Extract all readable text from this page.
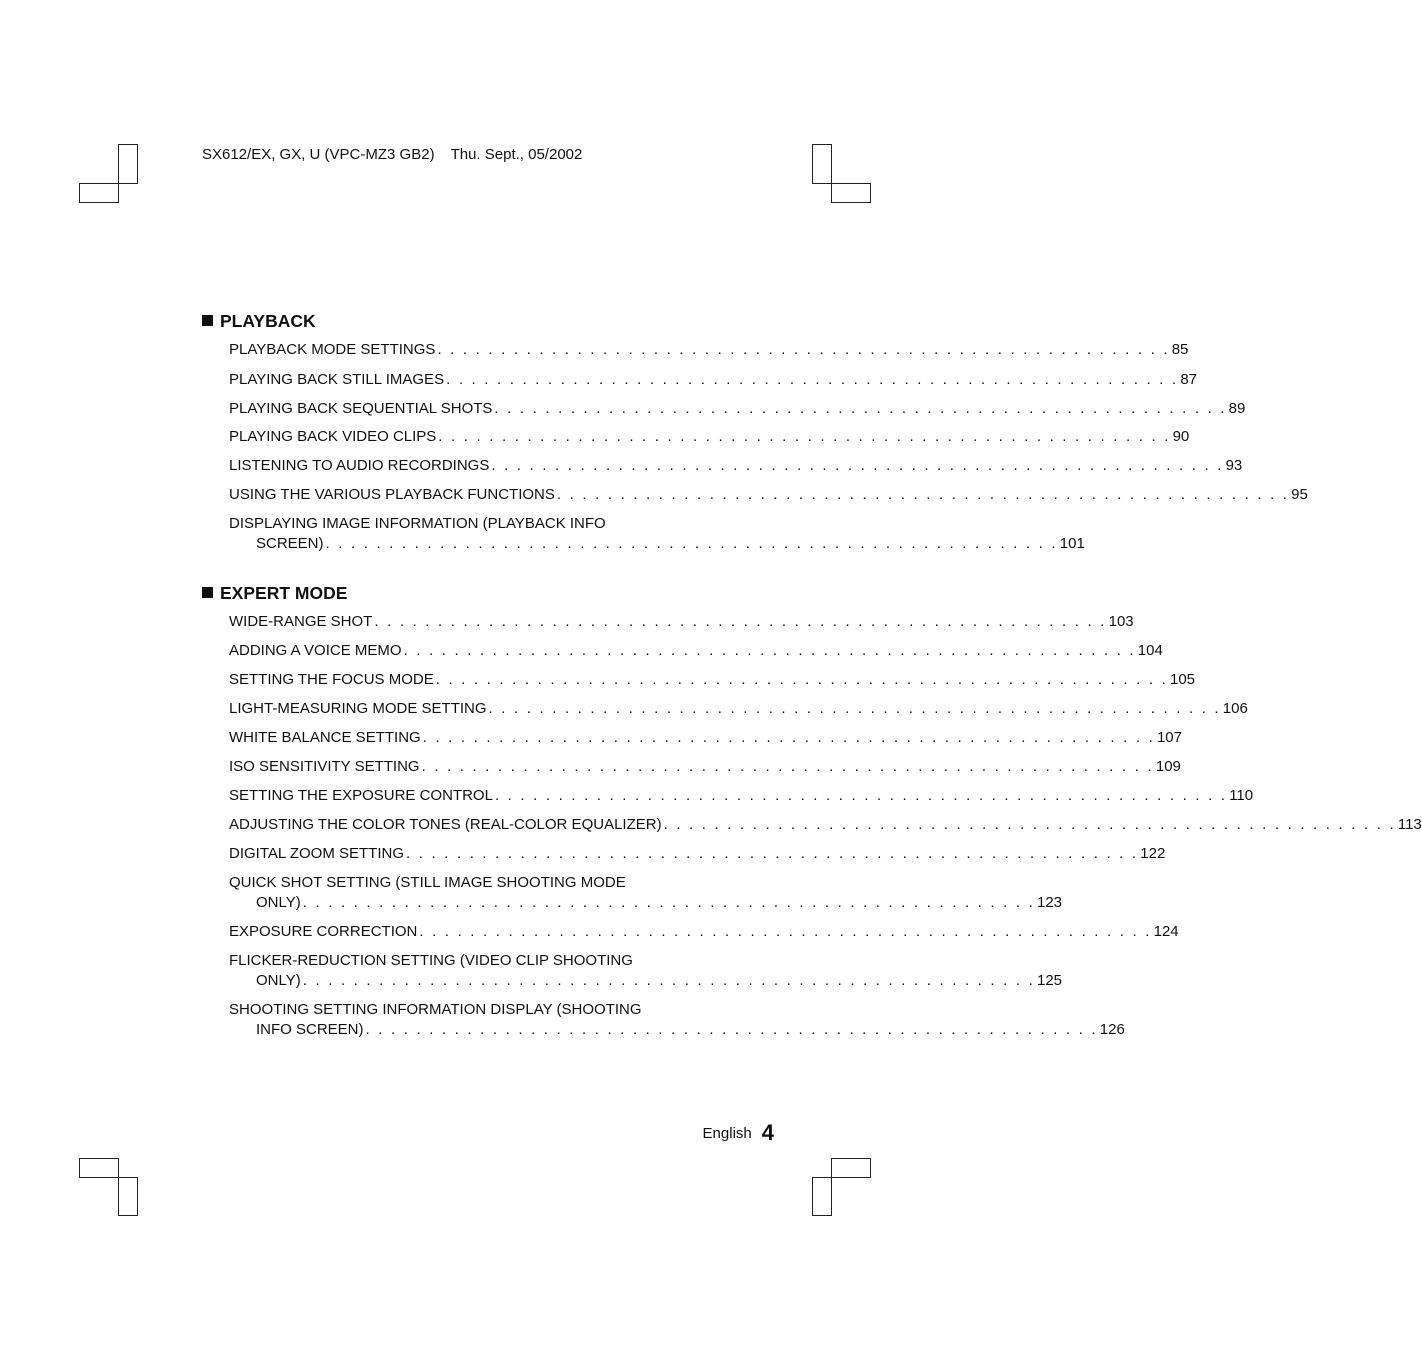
SX612/EX, GX, U (VPC-MZ3 GB2) Thu. Sept., 05/2002
PLAYBACK
PLAYBACK MODE SETTINGS . . . . . . . . . . . . . . . . . . . . . . . . . . . . . . . . . . . . . . . . . . . . . . . . . . . . . . . . . . 85
PLAYING BACK STILL IMAGES . . . . . . . . . . . . . . . . . . . . . . . . . . . . . . . . . . . . . . . . . . . . . . . . . . . . . . . . . . 87
PLAYING BACK SEQUENTIAL SHOTS . . . . . . . . . . . . . . . . . . . . . . . . . . . . . . . . . . . . . . . . . . . . . . . . . . . . . . . . . . 89
PLAYING BACK VIDEO CLIPS . . . . . . . . . . . . . . . . . . . . . . . . . . . . . . . . . . . . . . . . . . . . . . . . . . . . . . . . . . 90
LISTENING TO AUDIO RECORDINGS . . . . . . . . . . . . . . . . . . . . . . . . . . . . . . . . . . . . . . . . . . . . . . . . . . . . . . . . . . 93
USING THE VARIOUS PLAYBACK FUNCTIONS . . . . . . . . . . . . . . . . . . . . . . . . . . . . . . . . . . . . . . . . . . . . . . . . . . . . . . . . . . 95
DISPLAYING IMAGE INFORMATION (PLAYBACK INFO
SCREEN) . . . . . . . . . . . . . . . . . . . . . . . . . . . . . . . . . . . . . . . . . . . . . . . . . . . . . . . . . . 101
EXPERT MODE
WIDE-RANGE SHOT . . . . . . . . . . . . . . . . . . . . . . . . . . . . . . . . . . . . . . . . . . . . . . . . . . . . . . . . . . 103
ADDING A VOICE MEMO . . . . . . . . . . . . . . . . . . . . . . . . . . . . . . . . . . . . . . . . . . . . . . . . . . . . . . . . . . 104
SETTING THE FOCUS MODE . . . . . . . . . . . . . . . . . . . . . . . . . . . . . . . . . . . . . . . . . . . . . . . . . . . . . . . . . . 105
LIGHT-MEASURING MODE SETTING . . . . . . . . . . . . . . . . . . . . . . . . . . . . . . . . . . . . . . . . . . . . . . . . . . . . . . . . . . 106
WHITE BALANCE SETTING . . . . . . . . . . . . . . . . . . . . . . . . . . . . . . . . . . . . . . . . . . . . . . . . . . . . . . . . . . 107
ISO SENSITIVITY SETTING . . . . . . . . . . . . . . . . . . . . . . . . . . . . . . . . . . . . . . . . . . . . . . . . . . . . . . . . . . 109
SETTING THE EXPOSURE CONTROL . . . . . . . . . . . . . . . . . . . . . . . . . . . . . . . . . . . . . . . . . . . . . . . . . . . . . . . . . . 110
ADJUSTING THE COLOR TONES (REAL-COLOR EQUALIZER) . . . . . . . . . . . . . . . . . . . . . . . . . . . . . . . . . . . . . . . . . . . . . . . . . . . . . . . . . . 113
DIGITAL ZOOM SETTING . . . . . . . . . . . . . . . . . . . . . . . . . . . . . . . . . . . . . . . . . . . . . . . . . . . . . . . . . . 122
QUICK SHOT SETTING (STILL IMAGE SHOOTING MODE
ONLY) . . . . . . . . . . . . . . . . . . . . . . . . . . . . . . . . . . . . . . . . . . . . . . . . . . . . . . . . . . 123
EXPOSURE CORRECTION . . . . . . . . . . . . . . . . . . . . . . . . . . . . . . . . . . . . . . . . . . . . . . . . . . . . . . . . . . 124
FLICKER-REDUCTION SETTING (VIDEO CLIP SHOOTING
ONLY) . . . . . . . . . . . . . . . . . . . . . . . . . . . . . . . . . . . . . . . . . . . . . . . . . . . . . . . . . . 125
SHOOTING SETTING INFORMATION DISPLAY (SHOOTING
INFO SCREEN) . . . . . . . . . . . . . . . . . . . . . . . . . . . . . . . . . . . . . . . . . . . . . . . . . . . . . . . . . . 126
English 4
